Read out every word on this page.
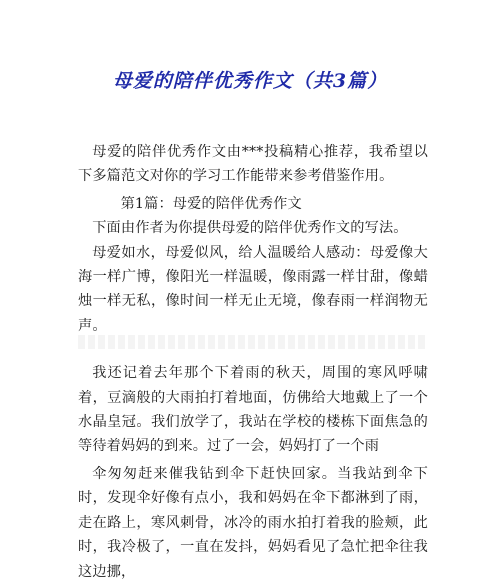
母爱的陪伴优秀作文（共3篇）

母爱的陪伴优秀作文由***投稿精心推荐，我希望以下多篇范文对你的学习工作能带来参考借鉴作用。

第1篇：母爱的陪伴优秀作文

下面由作者为你提供母爱的陪伴优秀作文的写法。

母爱如水，母爱似风，给人温暖给人感动：母爱像大海一样广博，像阳光一样温暖，像雨露一样甘甜，像蜡烛一样无私，像时间一样无止无境，像春雨一样润物无声。

我还记着去年那个下着雨的秋天，周围的寒风呼啸着，豆滴般的大雨拍打着地面，仿佛给大地戴上了一个水晶皇冠。我们放学了，我站在学校的楼栋下面焦急的等待着妈妈的到来。过了一会，妈妈打了一个雨

伞匆匆赶来催我钻到伞下赶快回家。当我站到伞下时，发现伞好像有点小，我和妈妈在伞下都淋到了雨，走在路上，寒风刺骨，冰冷的雨水拍打着我的脸颊，此时，我冷极了，一直在发抖，妈妈看见了急忙把伞往我这边挪，
